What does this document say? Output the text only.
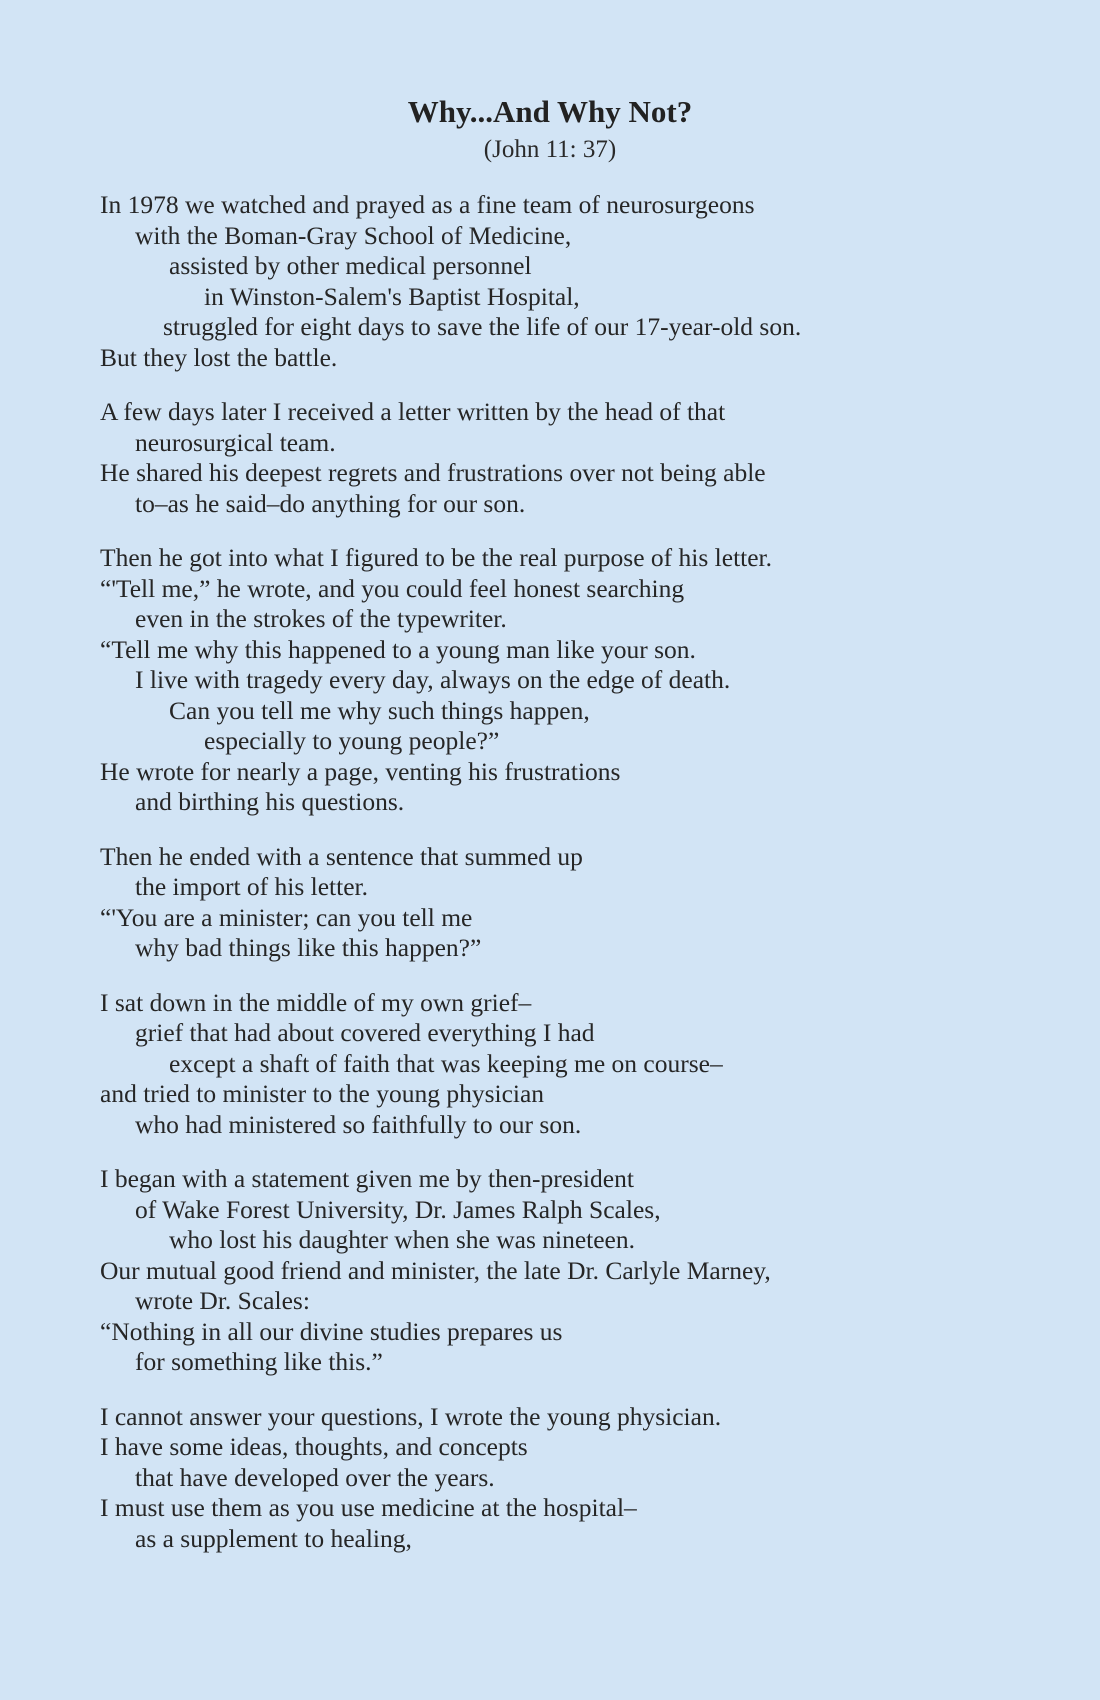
Why...And Why Not?
(John 11: 37)
In 1978 we watched and prayed as a fine team of neurosurgeons
with the Boman-Gray School of Medicine,
assisted by other medical personnel
in Winston-Salem's Baptist Hospital,
struggled for eight days to save the life of our 17-year-old son.
But they lost the battle.
A few days later I received a letter written by the head of that
neurosurgical team.
He shared his deepest regrets and frustrations over not being able
to–as he said–do anything for our son.
Then he got into what I figured to be the real purpose of his letter.
“'Tell me,” he wrote, and you could feel honest searching
even in the strokes of the typewriter.
“Tell me why this happened to a young man like your son.
I live with tragedy every day, always on the edge of death.
Can you tell me why such things happen,
especially to young people?”
He wrote for nearly a page, venting his frustrations
and birthing his questions.
Then he ended with a sentence that summed up
the import of his letter.
“'You are a minister; can you tell me
why bad things like this happen?”
I sat down in the middle of my own grief–
grief that had about covered everything I had
except a shaft of faith that was keeping me on course–
and tried to minister to the young physician
who had ministered so faithfully to our son.
I began with a statement given me by then-president
of Wake Forest University, Dr. James Ralph Scales,
who lost his daughter when she was nineteen.
Our mutual good friend and minister, the late Dr. Carlyle Marney,
wrote Dr. Scales:
“Nothing in all our divine studies prepares us
for something like this.”
I cannot answer your questions, I wrote the young physician.
I have some ideas, thoughts, and concepts
that have developed over the years.
I must use them as you use medicine at the hospital–
as a supplement to healing,
